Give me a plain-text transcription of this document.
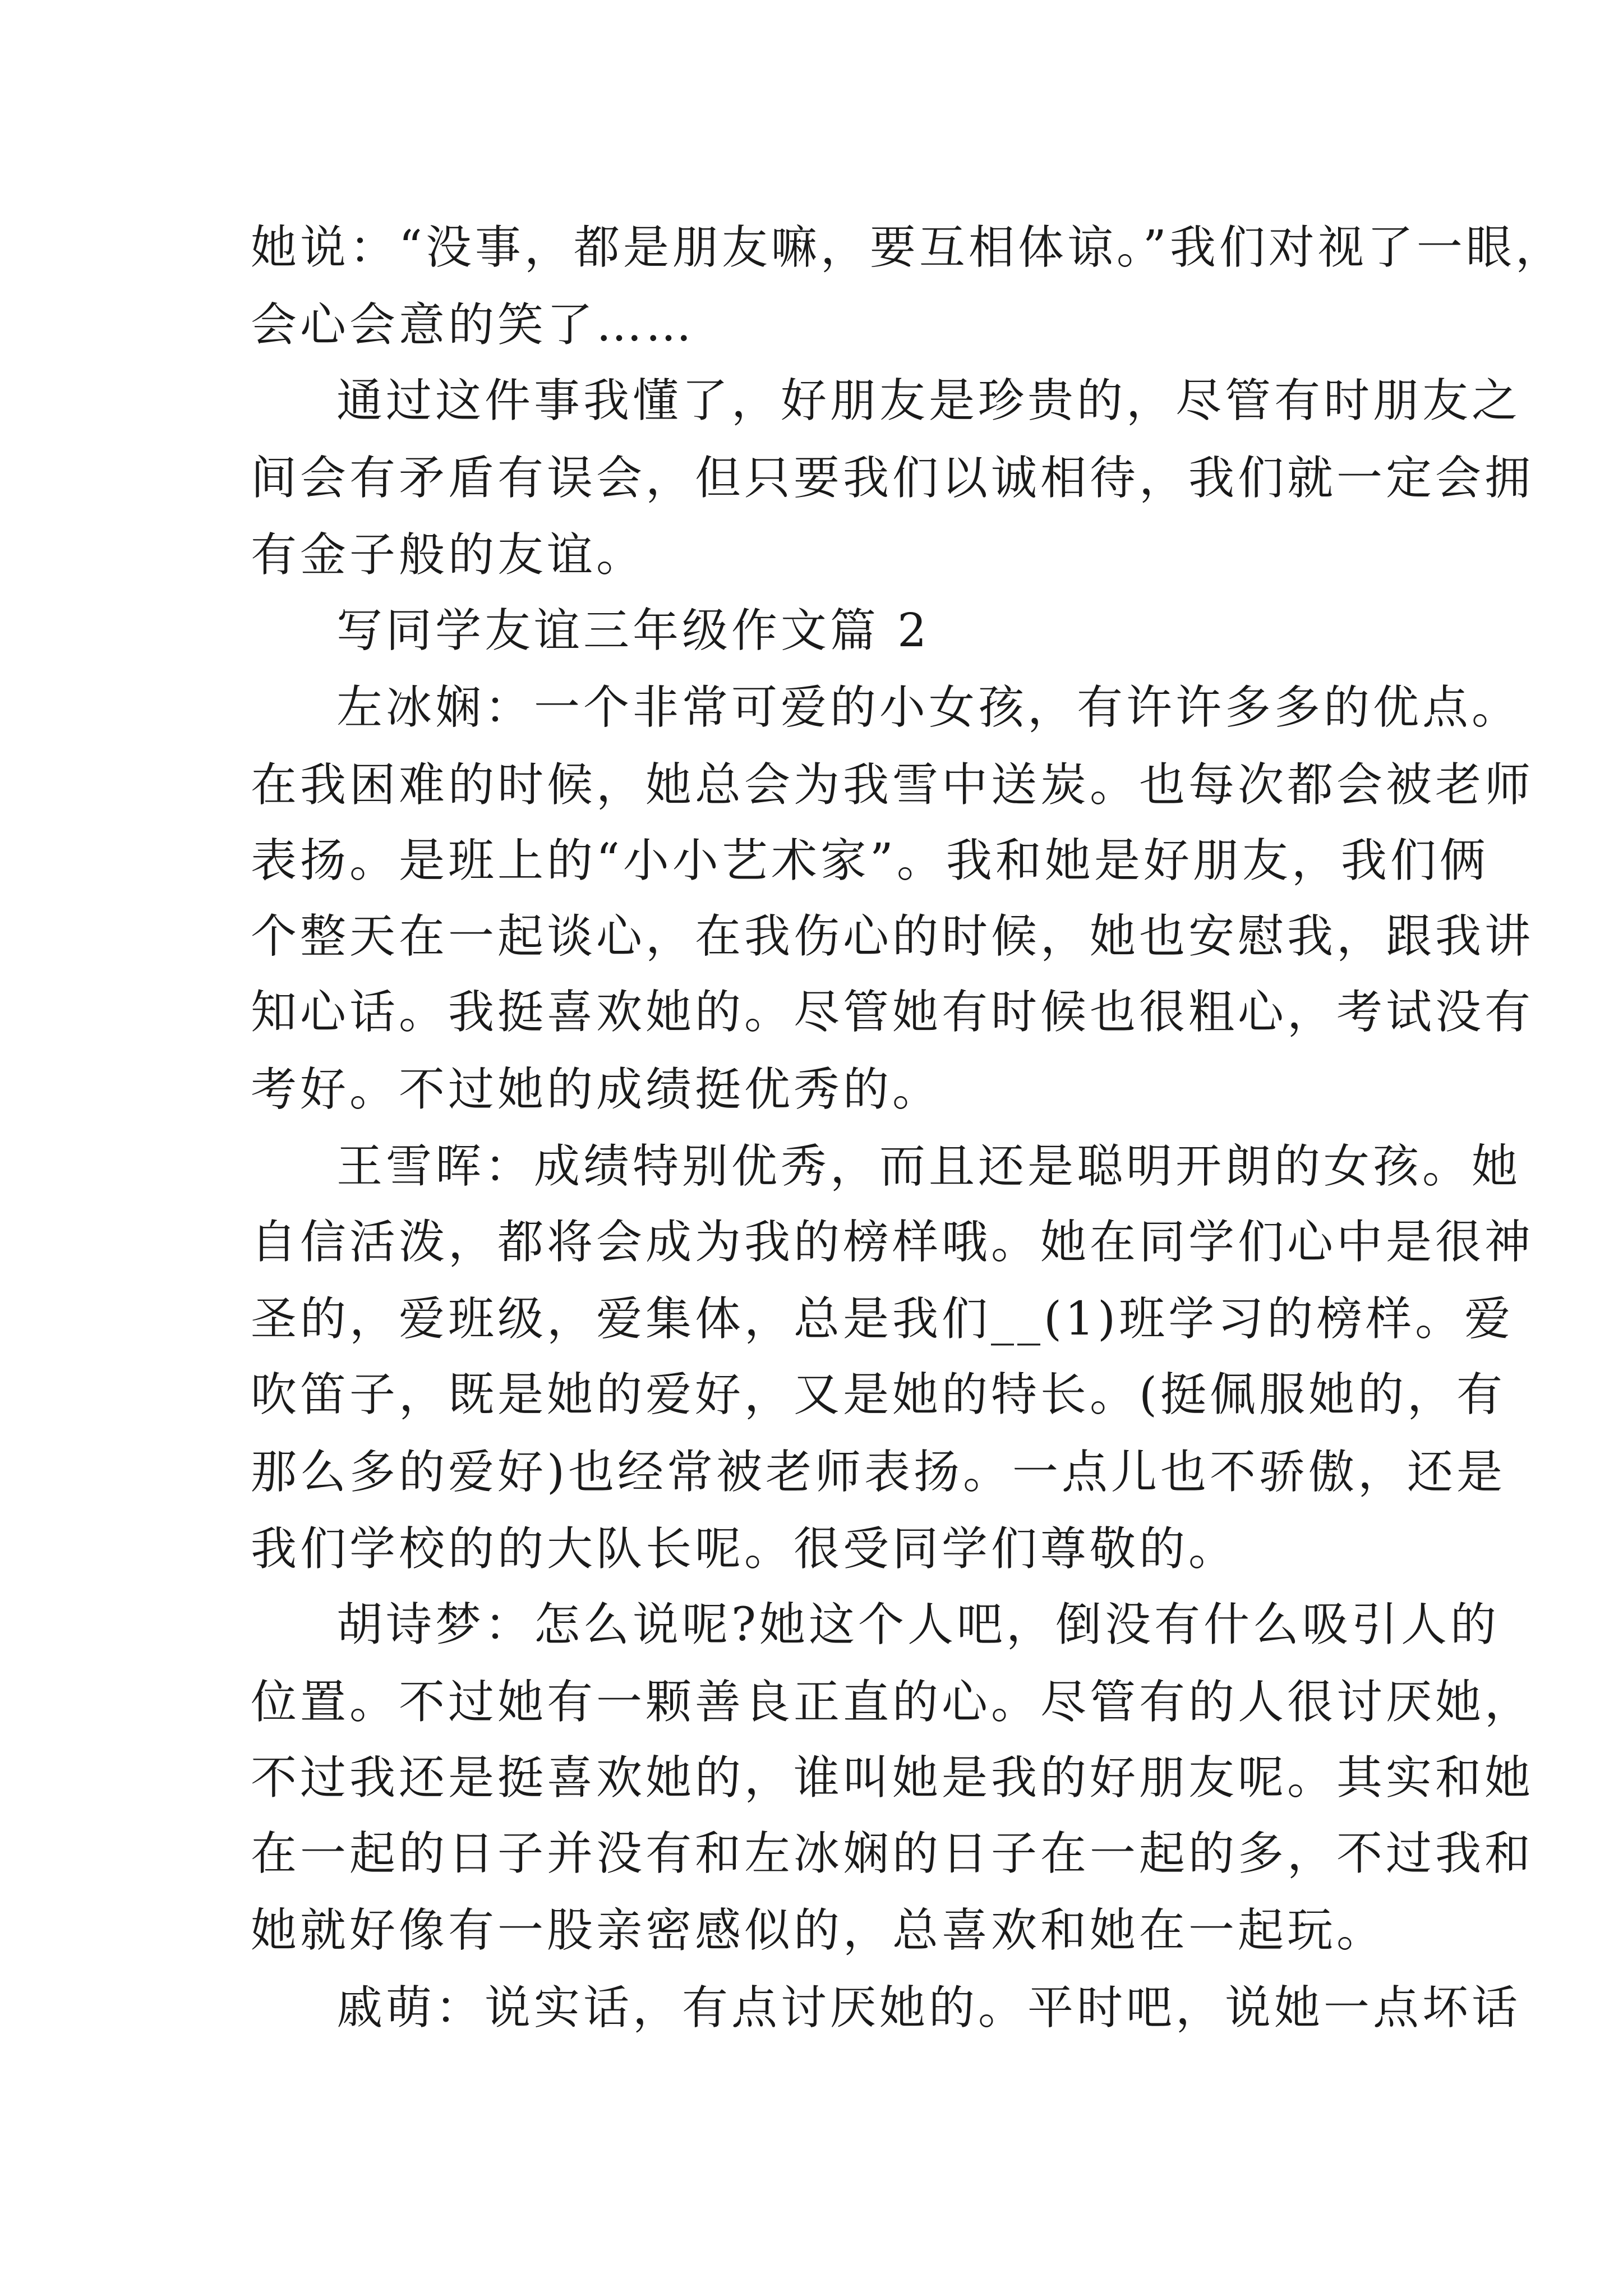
她说：“没事，都是朋友嘛，要互相体谅。”我们对视了一眼，
会心会意的笑了……
通过这件事我懂了，好朋友是珍贵的，尽管有时朋友之
间会有矛盾有误会，但只要我们以诚相待，我们就一定会拥
有金子般的友谊。
写同学友谊三年级作文篇 2
左冰娴：一个非常可爱的小女孩，有许许多多的优点。
在我困难的时候，她总会为我雪中送炭。也每次都会被老师
表扬。是班上的“小小艺术家”。我和她是好朋友，我们俩
个整天在一起谈心，在我伤心的时候，她也安慰我，跟我讲
知心话。我挺喜欢她的。尽管她有时候也很粗心，考试没有
考好。不过她的成绩挺优秀的。
王雪晖：成绩特别优秀，而且还是聪明开朗的女孩。她
自信活泼，都将会成为我的榜样哦。她在同学们心中是很神
圣的，爱班级，爱集体，总是我们__(1)班学习的榜样。爱
吹笛子，既是她的爱好，又是她的特长。(挺佩服她的，有
那么多的爱好)也经常被老师表扬。一点儿也不骄傲，还是
我们学校的的大队长呢。很受同学们尊敬的。
胡诗梦：怎么说呢?她这个人吧，倒没有什么吸引人的
位置。不过她有一颗善良正直的心。尽管有的人很讨厌她，
不过我还是挺喜欢她的，谁叫她是我的好朋友呢。其实和她
在一起的日子并没有和左冰娴的日子在一起的多，不过我和
她就好像有一股亲密感似的，总喜欢和她在一起玩。
戚萌：说实话，有点讨厌她的。平时吧，说她一点坏话
